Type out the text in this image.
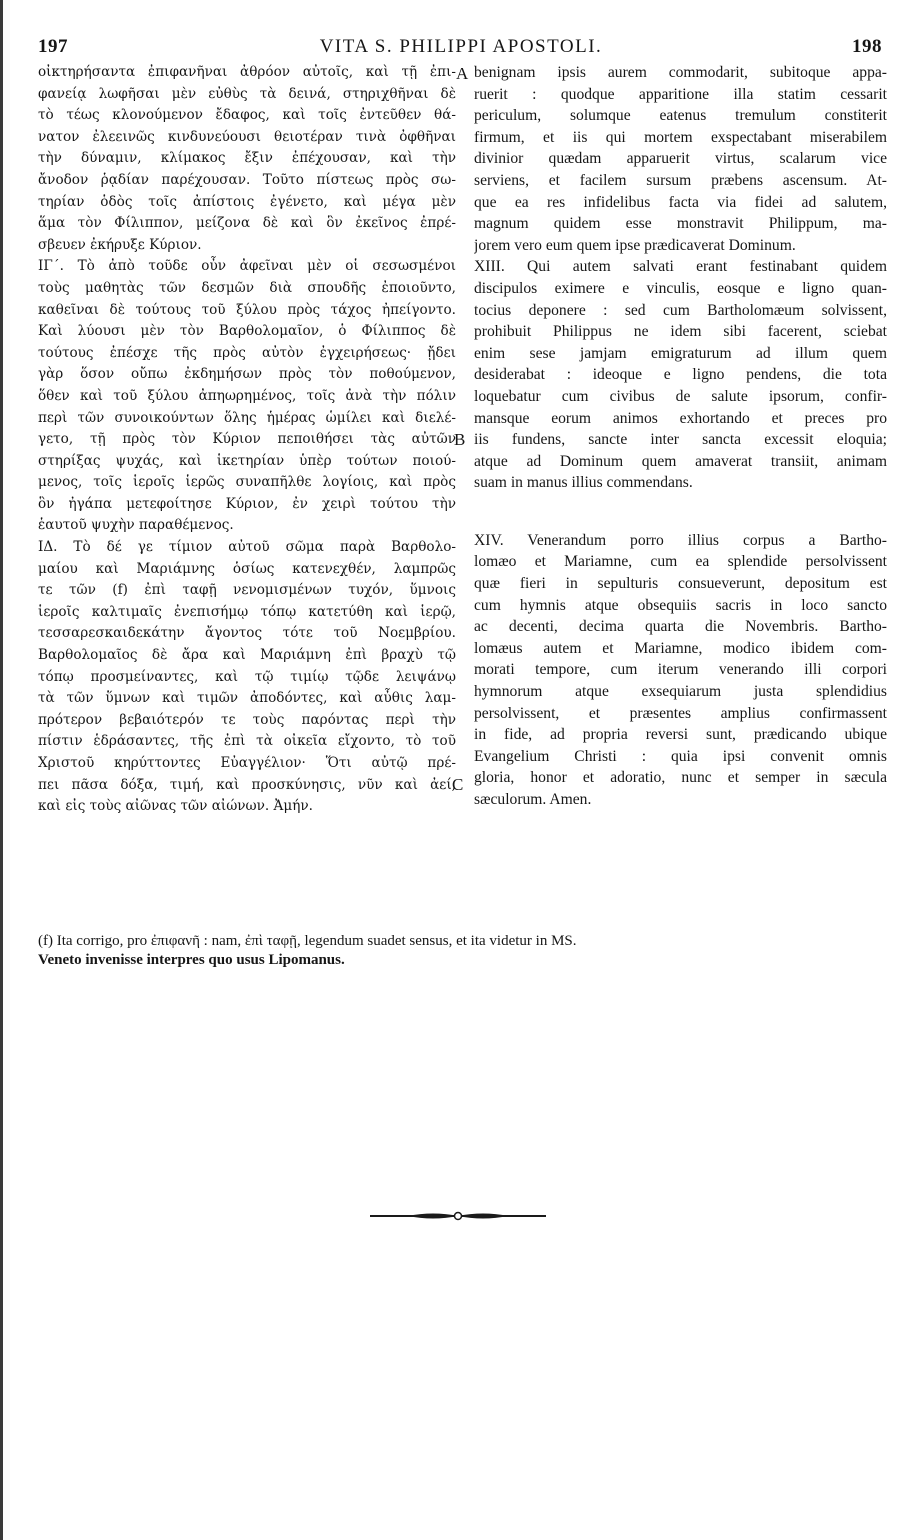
197	VITA S. PHILIPPI APOSTOLI.	198
οἰκτηρήσαντα ἐπιφανῆναι ἀθρόον αὐτοῖς, καὶ τῇ ἐπι-
φανείᾳ λωφῆσαι μὲν εὐθὺς τὰ δεινά, στηριχθῆναι δὲ
τὸ τέως κλονούμενον ἔδαφος, καὶ τοῖς ἐντεῦθεν θά-
νατον ἐλεεινῶς κινδυνεύουσι θειοτέραν τινὰ ὀφθῆναι
τὴν δύναμιν, κλίμακος ἔξιν ἐπέχουσαν, καὶ τὴν
ἄνοδον ῥᾳδίαν παρέχουσαν. Τοῦτο πίστεως πρὸς σω-
τηρίαν ὁδὸς τοῖς ἀπίστοις ἐγένετο, καὶ μέγα μὲν
ἅμα τὸν Φίλιππον, μείζονα δὲ καὶ ὃν ἐκεῖνος ἐπρέ-
σβευεν ἐκήρυξε Κύριον.
ΙΓ΄. Τὸ ἀπὸ τοῦδε οὖν ἀφεῖναι μὲν οἱ σεσωσμένοι
τοὺς μαθητὰς τῶν δεσμῶν διὰ σπουδῆς ἐποιοῦντο,
καθεῖναι δὲ τούτους τοῦ ξύλου πρὸς τάχος ἠπείγοντο.
Καὶ λύουσι μὲν τὸν Βαρθολομαῖον, ὁ Φίλιππος δὲ
τούτους ἐπέσχε τῆς πρὸς αὐτὸν ἐγχειρήσεως· ᾔδει
γὰρ ὅσον οὔπω ἐκδημήσων πρὸς τὸν ποθούμενον,
ὅθεν καὶ τοῦ ξύλου ἀπηωρημένος, τοῖς ἀνὰ τὴν πόλιν
περὶ τῶν συνοικούντων ὅλης ἡμέρας ὡμίλει καὶ διελέ-
γετο, τῇ πρὸς τὸν Κύριον πεποιθήσει τὰς αὐτῶν
στηρίξας ψυχάς, καὶ ἱκετηρίαν ὑπὲρ τούτων ποιού-
μενος, τοῖς ἱεροῖς ἱερῶς συναπῆλθε λογίοις, καὶ πρὸς
ὃν ἠγάπα μετεφοίτησε Κύριον, ἐν χειρὶ τούτου τὴν
ἑαυτοῦ ψυχὴν παραθέμενος.
ΙΔ. Τὸ δέ γε τίμιον αὐτοῦ σῶμα παρὰ Βαρθολο-
μαίου καὶ Μαριάμνης ὁσίως κατενεχθέν, λαμπρῶς
τε τῶν (f) ἐπὶ ταφῇ νενομισμένων τυχόν, ὕμνοις
ἱεροῖς καλτιμαῖς ἐνεπισήμῳ τόπῳ κατετύθη καὶ ἱερῷ,
τεσσαρεσκαιδεκάτην ἄγοντος τότε τοῦ Νοεμβρίου.
Βαρθολομαῖος δὲ ἄρα καὶ Μαριάμνη ἐπὶ βραχὺ τῷ
τόπῳ προσμείναντες, καὶ τῷ τιμίῳ τῷδε λειψάνῳ
τὰ τῶν ὕμνων καὶ τιμῶν ἀποδόντες, καὶ αὖθις λαμ-
πρότερον βεβαιότερόν τε τοὺς παρόντας περὶ τὴν
πίστιν ἑδράσαντες, τῆς ἐπὶ τὰ οἰκεῖα εἴχοντο, τὸ τοῦ
Χριστοῦ κηρύττοντες Εὐαγγέλιον· Ὅτι αὐτῷ πρέ-
πει πᾶσα δόξα, τιμή, καὶ προσκύνησις, νῦν καὶ ἀεί,
καὶ εἰς τοὺς αἰῶνας τῶν αἰώνων. Ἀμήν.
benignam ipsis aurem commodarit, subitoque appa-
ruerit : quodque apparitione illa statim cessarit
periculum, solumque eatenus tremulum constiterit
firmum, et iis qui mortem exspectabant miserabilem
divinior quædam apparuerit virtus, scalarum vice
serviens, et facilem sursum præbens ascensum. At-
que ea res infidelibus facta via fidei ad salutem,
magnum quidem esse monstravit Philippum, ma-
jorem vero eum quem ipse prædicaverat Dominum.
XIII. Qui autem salvati erant festinabant quidem
discipulos eximere e vinculis, eosque e ligno quan-
tocius deponere : sed cum Bartholomæum solvissent,
prohibuit Philippus ne idem sibi facerent, sciebat
enim sese jamjam emigraturum ad illum quem
desiderabat : ideoque e ligno pendens, die tota
loquebatur cum civibus de salute ipsorum, confir-
mansque eorum animos exhortando et preces pro
iis fundens, sancte inter sancta excessit eloquia;
atque ad Dominum quem amaverat transiit, animam
suam in manus illius commendans.
XIV. Venerandum porro illius corpus a Bartho-
lomæo et Mariamne, cum ea splendide persolvissent
quæ fieri in sepulturis consueverunt, depositum est
cum hymnis atque obsequiis sacris in loco sancto
ac decenti, decima quarta die Novembris. Bartho-
lomæus autem et Mariamne, modico ibidem com-
morati tempore, cum iterum venerando illi corpori
hymnorum atque exsequiarum justa splendidius
persolvissent, et præsentes amplius confirmassent
in fide, ad propria reversi sunt, prædicando ubique
Evangelium Christi : quia ipsi convenit omnis
gloria, honor et adoratio, nunc et semper in sæcula
sæculorum. Amen.
A
B
C
(f) Ita corrigo, pro ἐπιφανῆ : nam, ἐπὶ ταφῇ, legendum suadet sensus, et ita videtur in MS.
Veneto invenisse interpres quo usus Lipomanus.
